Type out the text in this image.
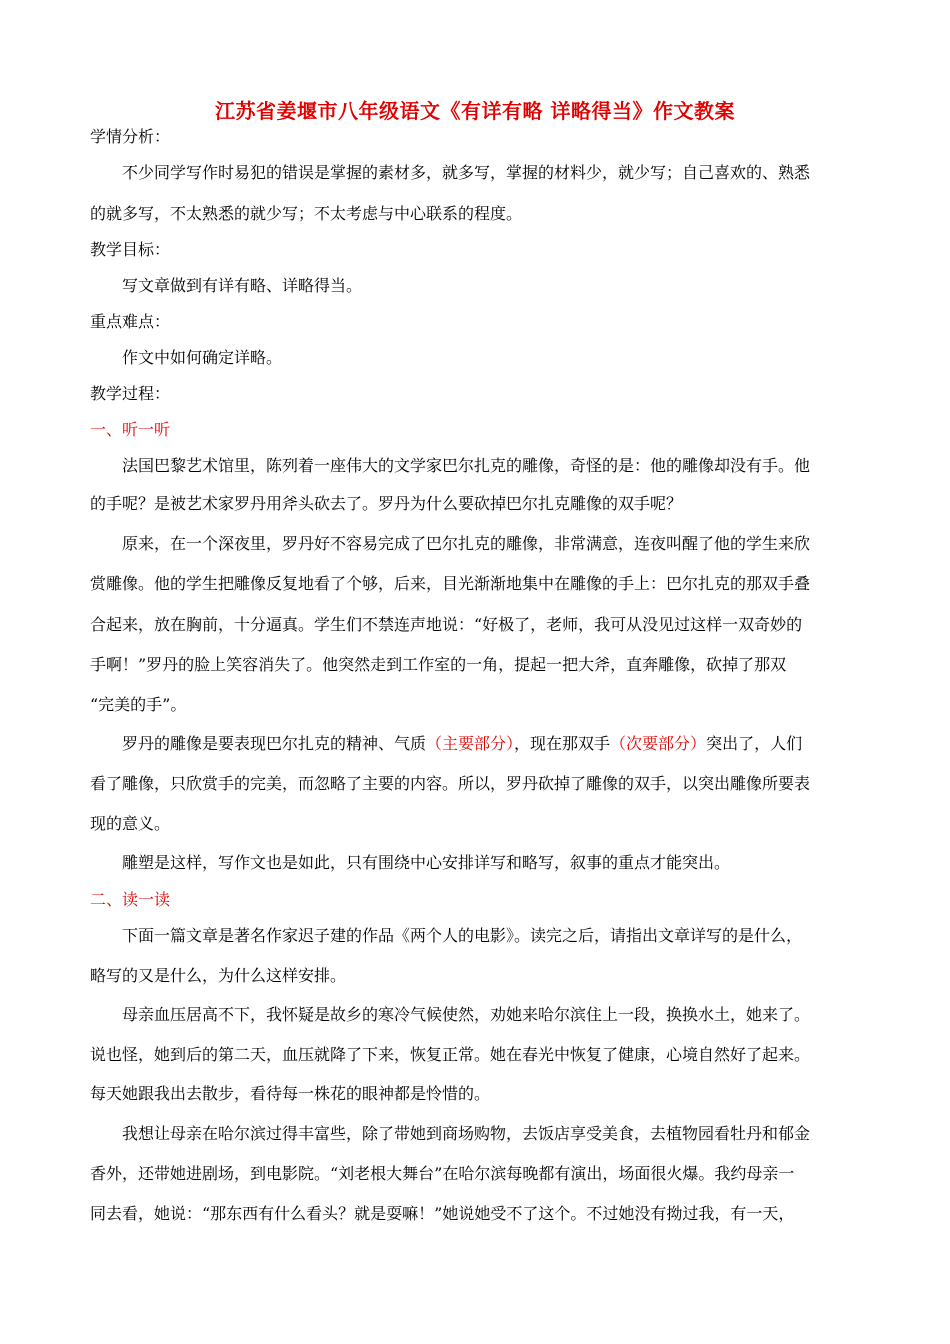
江苏省姜堰市八年级语文《有详有略 详略得当》作文教案
学情分析：
不少同学写作时易犯的错误是掌握的素材多，就多写，掌握的材料少，就少写；自己喜欢的、熟悉
的就多写，不太熟悉的就少写；不太考虑与中心联系的程度。
教学目标：
写文章做到有详有略、详略得当。
重点难点：
作文中如何确定详略。
教学过程：
一、听一听
法国巴黎艺术馆里，陈列着一座伟大的文学家巴尔扎克的雕像，奇怪的是：他的雕像却没有手。他
的手呢？是被艺术家罗丹用斧头砍去了。罗丹为什么要砍掉巴尔扎克雕像的双手呢？
原来，在一个深夜里，罗丹好不容易完成了巴尔扎克的雕像，非常满意，连夜叫醒了他的学生来欣
赏雕像。他的学生把雕像反复地看了个够，后来，目光渐渐地集中在雕像的手上：巴尔扎克的那双手叠
合起来，放在胸前，十分逼真。学生们不禁连声地说：“好极了，老师，我可从没见过这样一双奇妙的
手啊！”罗丹的脸上笑容消失了。他突然走到工作室的一角，提起一把大斧，直奔雕像，砍掉了那双
“完美的手”。
罗丹的雕像是要表现巴尔扎克的精神、气质（主要部分），现在那双手（次要部分）突出了，人们
看了雕像，只欣赏手的完美，而忽略了主要的内容。所以，罗丹砍掉了雕像的双手，以突出雕像所要表
现的意义。
雕塑是这样，写作文也是如此，只有围绕中心安排详写和略写，叙事的重点才能突出。
二、读一读
下面一篇文章是著名作家迟子建的作品《两个人的电影》。读完之后，请指出文章详写的是什么，
略写的又是什么，为什么这样安排。
母亲血压居高不下，我怀疑是故乡的寒冷气候使然，劝她来哈尔滨住上一段，换换水土，她来了。
说也怪，她到后的第二天，血压就降了下来，恢复正常。她在春光中恢复了健康，心境自然好了起来。
每天她跟我出去散步，看待每一株花的眼神都是怜惜的。
我想让母亲在哈尔滨过得丰富些，除了带她到商场购物，去饭店享受美食，去植物园看牡丹和郁金
香外，还带她进剧场，到电影院。“刘老根大舞台”在哈尔滨每晚都有演出，场面很火爆。我约母亲一
同去看，她说：“那东西有什么看头？就是耍嘛！”她说她受不了这个。不过她没有拗过我，有一天，
